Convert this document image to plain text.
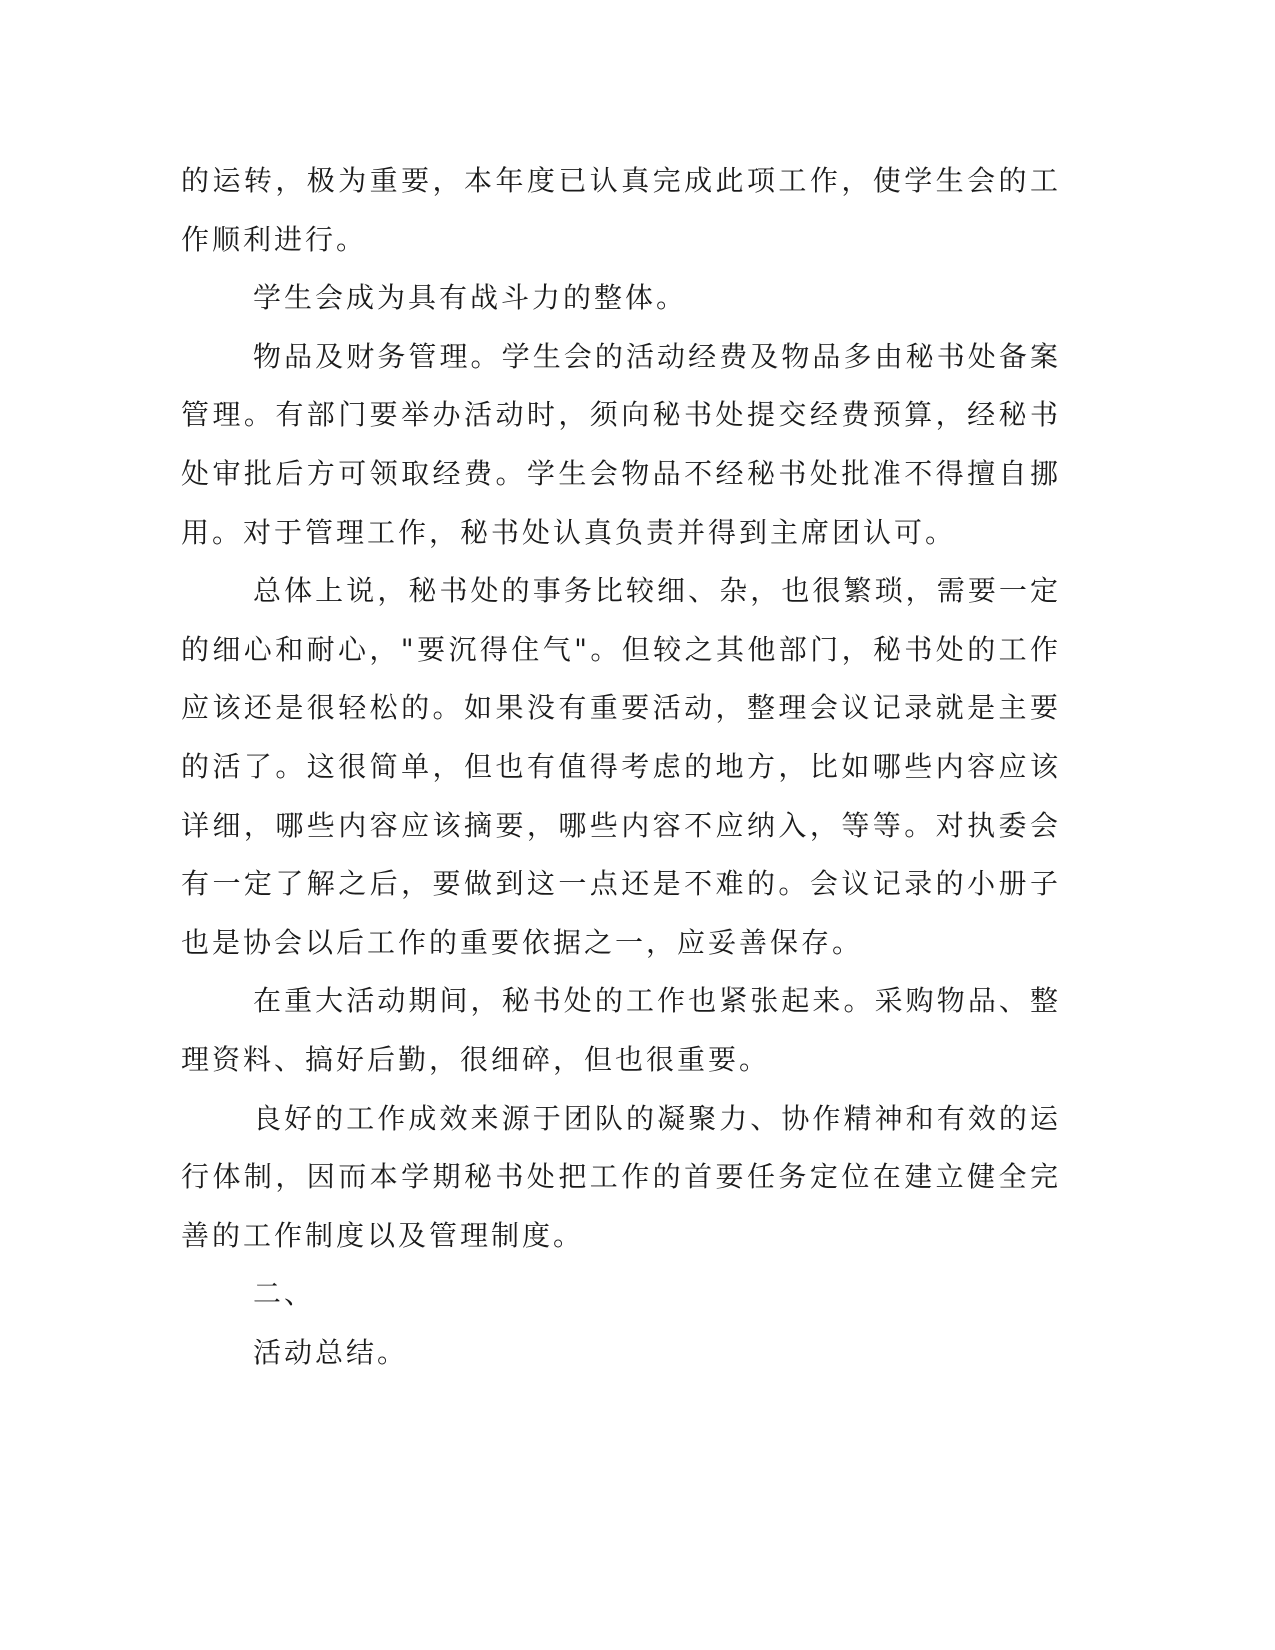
的运转，极为重要，本年度已认真完成此项工作，使学生会的工作顺利进行。

学生会成为具有战斗力的整体。

物品及财务管理。学生会的活动经费及物品多由秘书处备案管理。有部门要举办活动时，须向秘书处提交经费预算，经秘书处审批后方可领取经费。学生会物品不经秘书处批准不得擅自挪用。对于管理工作，秘书处认真负责并得到主席团认可。

总体上说，秘书处的事务比较细、杂，也很繁琐，需要一定的细心和耐心，"要沉得住气"。但较之其他部门，秘书处的工作应该还是很轻松的。如果没有重要活动，整理会议记录就是主要的活了。这很简单，但也有值得考虑的地方，比如哪些内容应该详细，哪些内容应该摘要，哪些内容不应纳入，等等。对执委会有一定了解之后，要做到这一点还是不难的。会议记录的小册子也是协会以后工作的重要依据之一，应妥善保存。

在重大活动期间，秘书处的工作也紧张起来。采购物品、整理资料、搞好后勤，很细碎，但也很重要。

良好的工作成效来源于团队的凝聚力、协作精神和有效的运行体制，因而本学期秘书处把工作的首要任务定位在建立健全完善的工作制度以及管理制度。

二、

活动总结。
